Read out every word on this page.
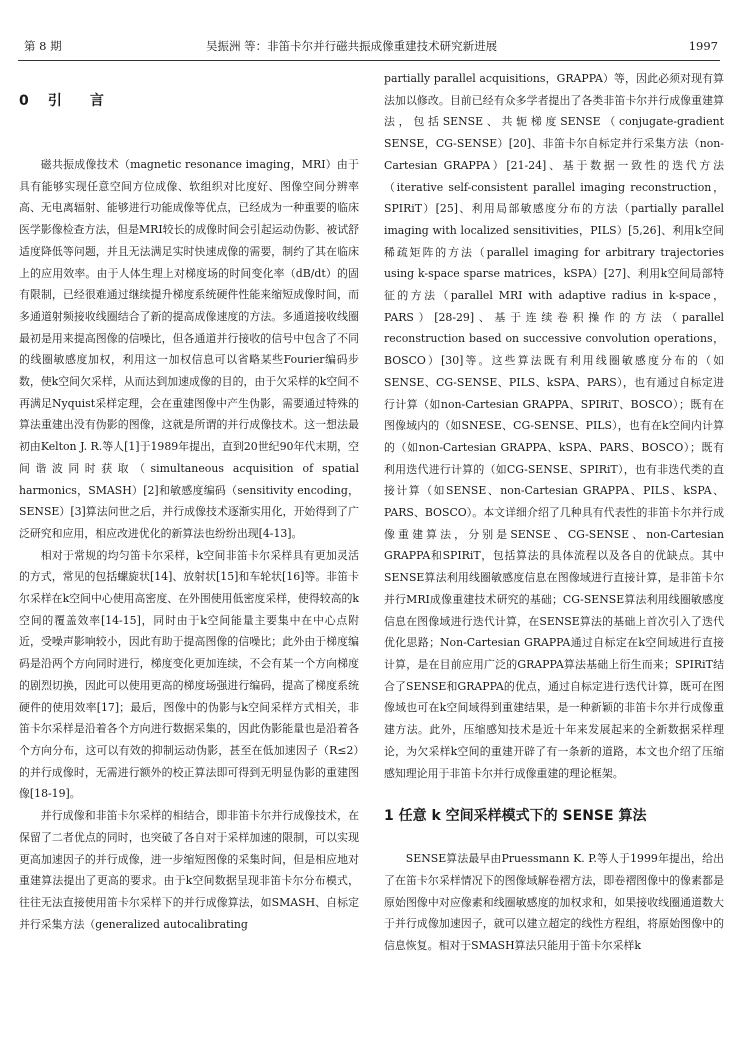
第 8 期	吴振洲 等：非笛卡尔并行磁共振成像重建技术研究新进展	1997
0 引　　言

磁共振成像技术（magnetic resonance imaging，MRI）由于具有能够实现任意空间方位成像、软组织对比度好、图像空间分辨率高、无电离辐射、能够进行功能成像等优点，已经成为一种重要的临床医学影像检查方法，但是MRI较长的成像时间会引起运动伪影、被试舒适度降低等问题，并且无法满足实时快速成像的需要，制约了其在临床上的应用效率。由于人体生理上对梯度场的时间变化率（dB/dt）的固有限制，已经很难通过继续提升梯度系统硬件性能来缩短成像时间，而多通道射频接收线圈结合了新的提高成像速度的方法。多通道接收线圈最初是用来提高图像的信噪比，但各通道并行接收的信号中包含了不同的线圈敏感度加权，利用这一加权信息可以省略某些Fourier编码步数，使k空间欠采样，从而达到加速成像的目的，由于欠采样的k空间不再满足Nyquist采样定理，会在重建图像中产生伪影，需要通过特殊的算法重建出没有伪影的图像，这就是所谓的并行成像技术。这一想法最初由Kelton J. R.等人[1]于1989年提出，直到20世纪90年代末期，空间谐波同时获取（simultaneous acquisition of spatial harmonics，SMASH）[2]和敏感度编码（sensitivity encoding，SENSE）[3]算法问世之后，并行成像技术逐渐实用化，开始得到了广泛研究和应用，相应改进优化的新算法也纷纷出现[4-13]。

相对于常规的均匀笛卡尔采样，k空间非笛卡尔采样具有更加灵活的方式，常见的包括螺旋状[14]、放射状[15]和车轮状[16]等。非笛卡尔采样在k空间中心使用高密度、在外围使用低密度采样，使得较高的k空间的覆盖效率[14-15]，同时由于k空间能量主要集中在中心点附近，受噪声影响较小，因此有助于提高图像的信噪比；此外由于梯度编码是沿两个方向同时进行，梯度变化更加连续，不会有某一个方向梯度的剧烈切换，因此可以使用更高的梯度场强进行编码，提高了梯度系统硬件的使用效率[17]；最后，图像中的伪影与k空间采样方式相关，非笛卡尔采样是沿着各个方向进行数据采集的，因此伪影能量也是沿着各个方向分布，这可以有效的抑制运动伪影，甚至在低加速因子（R≤2）的并行成像时，无需进行额外的校正算法即可得到无明显伪影的重建图像[18-19]。

并行成像和非笛卡尔采样的相结合，即非笛卡尔并行成像技术，在保留了二者优点的同时，也突破了各自对于采样加速的限制，可以实现更高加速因子的并行成像，进一步缩短图像的采集时间，但是相应地对重建算法提出了更高的要求。由于k空间数据呈现非笛卡尔分布模式，往往无法直接使用笛卡尔采样下的并行成像算法，如SMASH、自标定并行采集方法（generalized autocalibrating

partially parallel acquisitions，GRAPPA）等，因此必须对现有算法加以修改。目前已经有众多学者提出了各类非笛卡尔并行成像重建算法，包括SENSE、共轭梯度SENSE（conjugate-gradient SENSE，CG-SENSE）[20]、非笛卡尔自标定并行采集方法（non-Cartesian GRAPPA）[21-24]、基于数据一致性的迭代方法（iterative self-consistent parallel imaging reconstruction，SPIRiT）[25]、利用局部敏感度分布的方法（partially parallel imaging with localized sensitivities，PILS）[5,26]、利用k空间稀疏矩阵的方法（parallel imaging for arbitrary trajectories using k-space sparse matrices，kSPA）[27]、利用k空间局部特征的方法（parallel MRI with adaptive radius in k-space，PARS）[28-29]、基于连续卷积操作的方法（parallel reconstruction based on successive convolution operations，BOSCO）[30]等。这些算法既有利用线圈敏感度分布的（如SENSE、CG-SENSE、PILS、kSPA、PARS），也有通过自标定进行计算（如non-Cartesian GRAPPA、SPIRiT、BOSCO）；既有在图像域内的（如SNESE、CG-SENSE、PILS），也有在k空间内计算的（如non-Cartesian GRAPPA、kSPA、PARS、BOSCO）；既有利用迭代进行计算的（如CG-SENSE、SPIRiT），也有非迭代类的直接计算（如SENSE、non-Cartesian GRAPPA、PILS、kSPA、PARS、BOSCO）。本文详细介绍了几种具有代表性的非笛卡尔并行成像重建算法，分别是SENSE、CG-SENSE、non-Cartesian GRAPPA和SPIRiT，包括算法的具体流程以及各自的优缺点。其中SENSE算法利用线圈敏感度信息在图像域进行直接计算，是非笛卡尔并行MRI成像重建技术研究的基础；CG-SENSE算法利用线圈敏感度信息在图像域进行迭代计算，在SENSE算法的基础上首次引入了迭代优化思路；Non-Cartesian GRAPPA通过自标定在k空间域进行直接计算，是在目前应用广泛的GRAPPA算法基础上衍生而来；SPIRiT结合了SENSE和GRAPPA的优点，通过自标定进行迭代计算，既可在图像域也可在k空间域得到重建结果，是一种新颖的非笛卡尔并行成像重建方法。此外，压缩感知技术是近十年来发展起来的全新数据采样理论，为欠采样k空间的重建开辟了有一条新的道路，本文也介绍了压缩感知理论用于非笛卡尔并行成像重建的理论框架。

1 任意 k 空间采样模式下的 SENSE 算法

SENSE算法最早由Pruessmann K. P.等人于1999年提出，给出了在笛卡尔采样情况下的图像域解卷褶方法，即卷褶图像中的像素都是原始图像中对应像素和线圈敏感度的加权求和，如果接收线圈通道数大于并行成像加速因子，就可以建立超定的线性方程组，将原始图像中的信息恢复。相对于SMASH算法只能用于笛卡尔采样k
